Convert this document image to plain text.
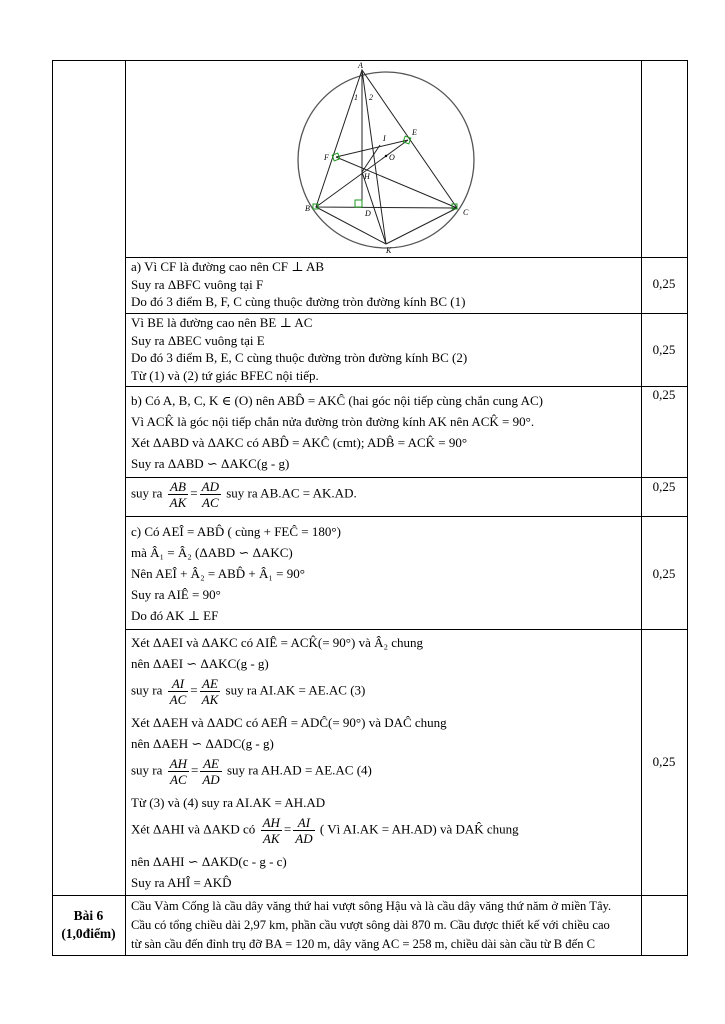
A
B	C
E
F
H
I
O
D
K
1 2
a) Vì CF là đường cao nên CF ⊥ AB
Suy ra ΔBFC vuông tại F
Do đó 3 điểm B, F, C cùng thuộc đường tròn đường kính BC (1)
0,25
Vì BE là đường cao nên BE ⊥ AC
Suy ra ΔBEC vuông tại E
Do đó 3 điểm B, E, C cùng thuộc đường tròn đường kính BC (2)
Từ (1) và (2) tứ giác BFEC nội tiếp.
0,25
b) Có A, B, C, K ∈ (O) nên ABD̂ = AKĈ (hai góc nội tiếp cùng chắn cung AC)
Vì ACK̂ là góc nội tiếp chắn nửa đường tròn đường kính AK nên ACK̂ = 90°.
Xét ΔABD và ΔAKC có ABD̂ = AKĈ (cmt); ADB̂ = ACK̂ = 90°
Suy ra ΔABD ∽ ΔAKC(g - g)
0,25
suy ra $\frac{AB}{AK} = \frac{AD}{AC}$ suy ra AB.AC = AK.AD.	0,25
c) Có AEÎ = ABD̂ ( cùng + FEĈ = 180°)
mà Â₁ = Â₂ (ΔABD ∽ ΔAKC)
Nên AEÎ + Â₂ = ABD̂ + Â₁ = 90°
Suy ra AIÊ = 90°
Do đó AK ⊥ EF
0,25
Xét ΔAEI và ΔAKC có AIÊ = ACK̂(= 90°) và Â₂ chung
nên ΔAEI ∽ ΔAKC(g - g)
suy ra $\frac{AI}{AC} = \frac{AE}{AK}$ suy ra AI.AK = AE.AC (3)
Xét ΔAEH và ΔADC có AEĤ = ADĈ(= 90°) và DAĈ chung
nên ΔAEH ∽ ΔADC(g - g)
suy ra $\frac{AH}{AC} = \frac{AE}{AD}$ suy ra AH.AD = AE.AC (4)
Từ (3) và (4) suy ra AI.AK = AH.AD
Xét ΔAHI và ΔAKD có $\frac{AH}{AK} = \frac{AI}{AD}$ ( Vì AI.AK = AH.AD) và DAK̂ chung
nên ΔAHI ∽ ΔAKD(c - g - c)
Suy ra AHÎ = AKD̂
0,25
Bài 6
(1,0điểm)
Cầu Vàm Cống là cầu dây văng thứ hai vượt sông Hậu và là cầu dây văng thứ năm ở miền Tây.
Cầu có tổng chiều dài 2,97 km, phần cầu vượt sông dài 870 m. Cầu được thiết kế với chiều cao
từ sàn cầu đến đỉnh trụ đỡ BA = 120 m, dây văng AC = 258 m, chiều dài sàn cầu từ B đến C
